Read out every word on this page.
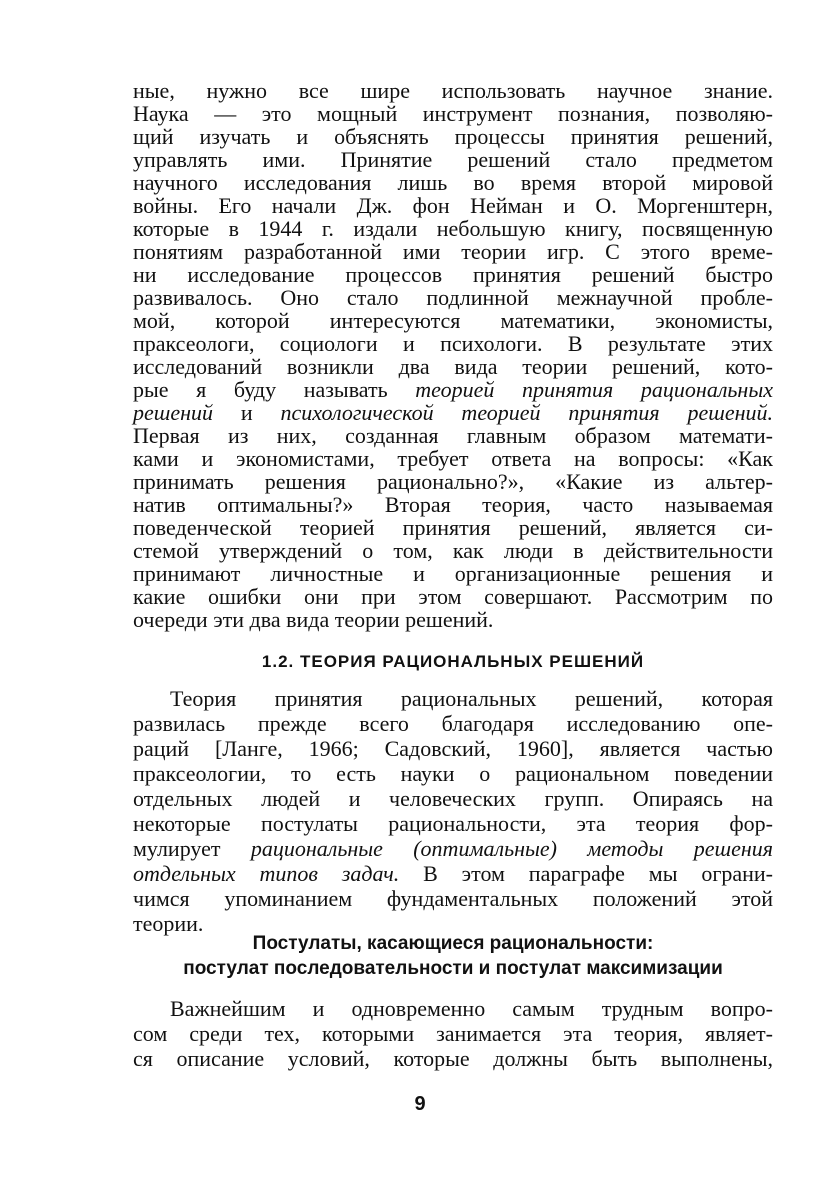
ные, нужно все шире использовать научное знание.
Наука — это мощный инструмент познания, позволяю-
щий изучать и объяснять процессы принятия решений,
управлять ими. Принятие решений стало предметом
научного исследования лишь во время второй мировой
войны. Его начали Дж. фон Нейман и О. Моргенштерн,
которые в 1944 г. издали небольшую книгу, посвященную
понятиям разработанной ими теории игр. С этого време-
ни исследование процессов принятия решений быстро
развивалось. Оно стало подлинной межнаучной пробле-
мой, которой интересуются математики, экономисты,
праксеологи, социологи и психологи. В результате этих
исследований возникли два вида теории решений, кото-
рые я буду называть теорией принятия рациональных
решений и психологической теорией принятия решений.
Первая из них, созданная главным образом математи-
ками и экономистами, требует ответа на вопросы: «Как
принимать решения рационально?», «Какие из альтер-
натив оптимальны?» Вторая теория, часто называемая
поведенческой теорией принятия решений, является си-
стемой утверждений о том, как люди в действительности
принимают личностные и организационные решения и
какие ошибки они при этом совершают. Рассмотрим по
очереди эти два вида теории решений.
1.2. ТЕОРИЯ РАЦИОНАЛЬНЫХ РЕШЕНИЙ
Теория принятия рациональных решений, которая
развилась прежде всего благодаря исследованию опе-
раций [Ланге, 1966; Садовский, 1960], является частью
праксеологии, то есть науки о рациональном поведении
отдельных людей и человеческих групп. Опираясь на
некоторые постулаты рациональности, эта теория фор-
мулирует рациональные (оптимальные) методы решения
отдельных типов задач. В этом параграфе мы ограни-
чимся упоминанием фундаментальных положений этой
теории.
Постулаты, касающиеся рациональности:
постулат последовательности и постулат максимизации
Важнейшим и одновременно самым трудным вопро-
сом среди тех, которыми занимается эта теория, являет-
ся описание условий, которые должны быть выполнены,
9
